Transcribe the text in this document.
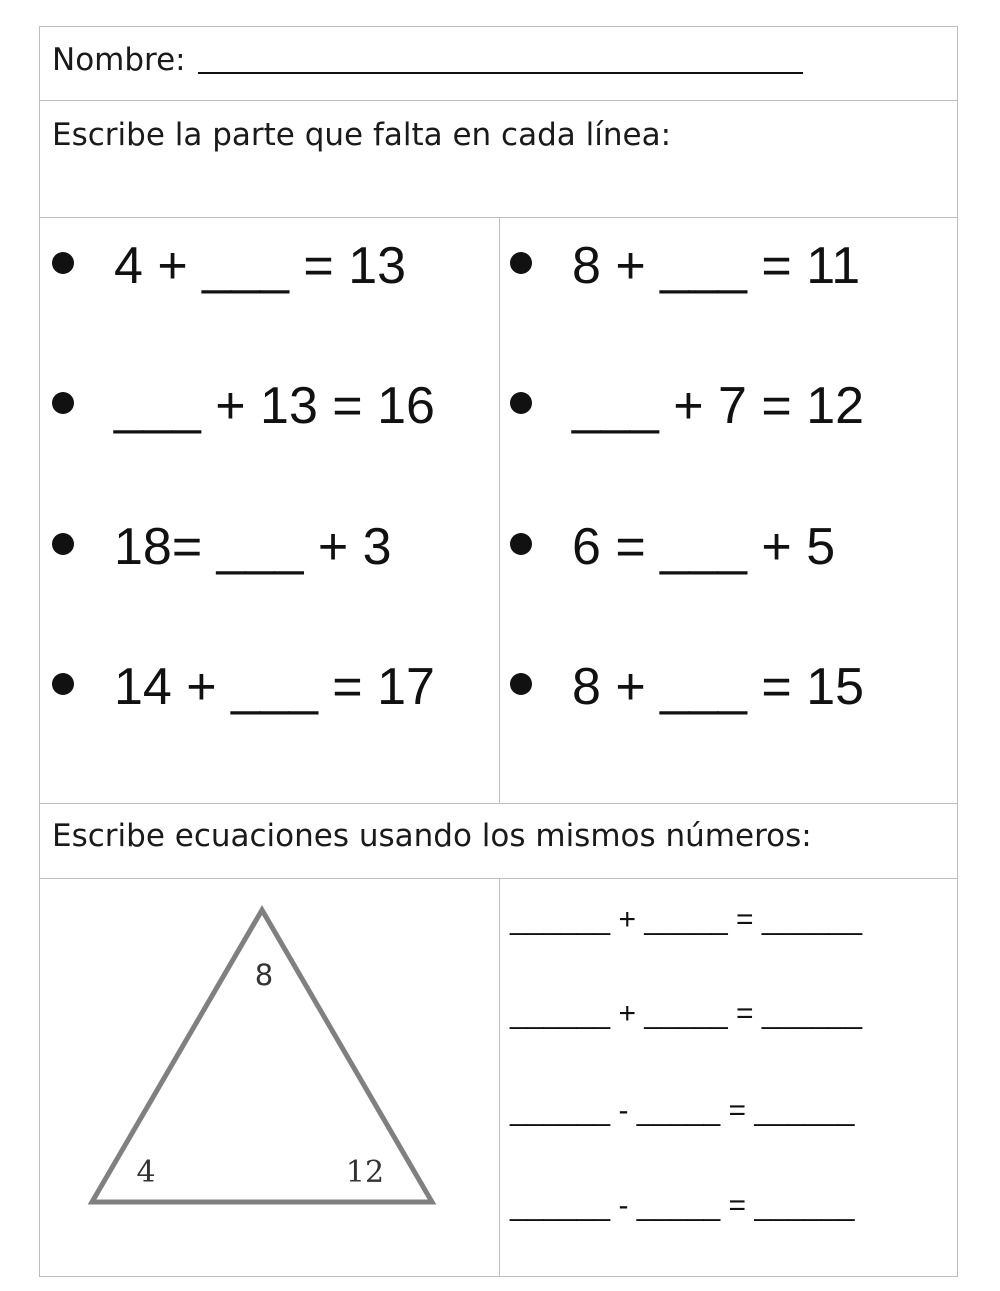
Nombre:
Escribe la parte que falta en cada línea:
4 + ___ = 13
___ + 13 = 16
18= ___ + 3
14 + ___ = 17
8 + ___ = 11
___ + 7 = 12
6 = ___ + 5
8 + ___ = 15
Escribe ecuaciones usando los mismos números:
8
4	12
______ + _____ = ______
______ + _____ = ______
______ - _____ = ______
______ - _____ = ______
